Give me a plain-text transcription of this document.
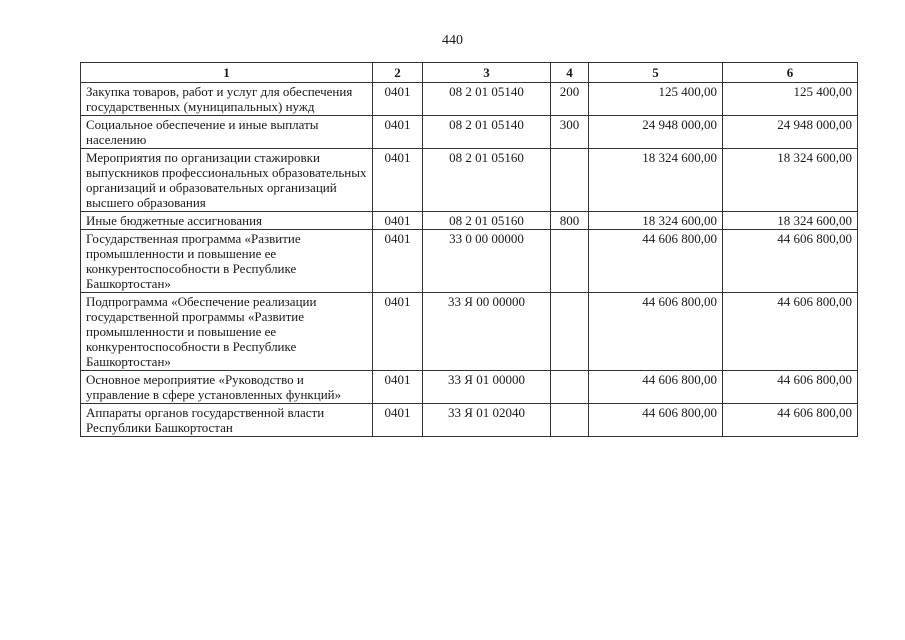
440
1	2	3	4	5	6
Закупка товаров, работ и услуг для обеспечения государственных (муниципальных) нужд	0401	08 2 01 05140	200	125 400,00	125 400,00
Социальное обеспечение и иные выплаты населению	0401	08 2 01 05140	300	24 948 000,00	24 948 000,00
Мероприятия по организации стажировки выпускников профессиональных образовательных организаций и образовательных организаций высшего образования	0401	08 2 01 05160		18 324 600,00	18 324 600,00
Иные бюджетные ассигнования	0401	08 2 01 05160	800	18 324 600,00	18 324 600,00
Государственная программа «Развитие промышленности и повышение ее конкурентоспособности в Республике Башкортостан»	0401	33 0 00 00000		44 606 800,00	44 606 800,00
Подпрограмма «Обеспечение реализации государственной программы «Развитие промышленности и повышение ее конкурентоспособности в Республике Башкортостан»	0401	33 Я 00 00000		44 606 800,00	44 606 800,00
Основное мероприятие «Руководство и управление в сфере установленных функций»	0401	33 Я 01 00000		44 606 800,00	44 606 800,00
Аппараты органов государственной власти Республики Башкортостан	0401	33 Я 01 02040		44 606 800,00	44 606 800,00
